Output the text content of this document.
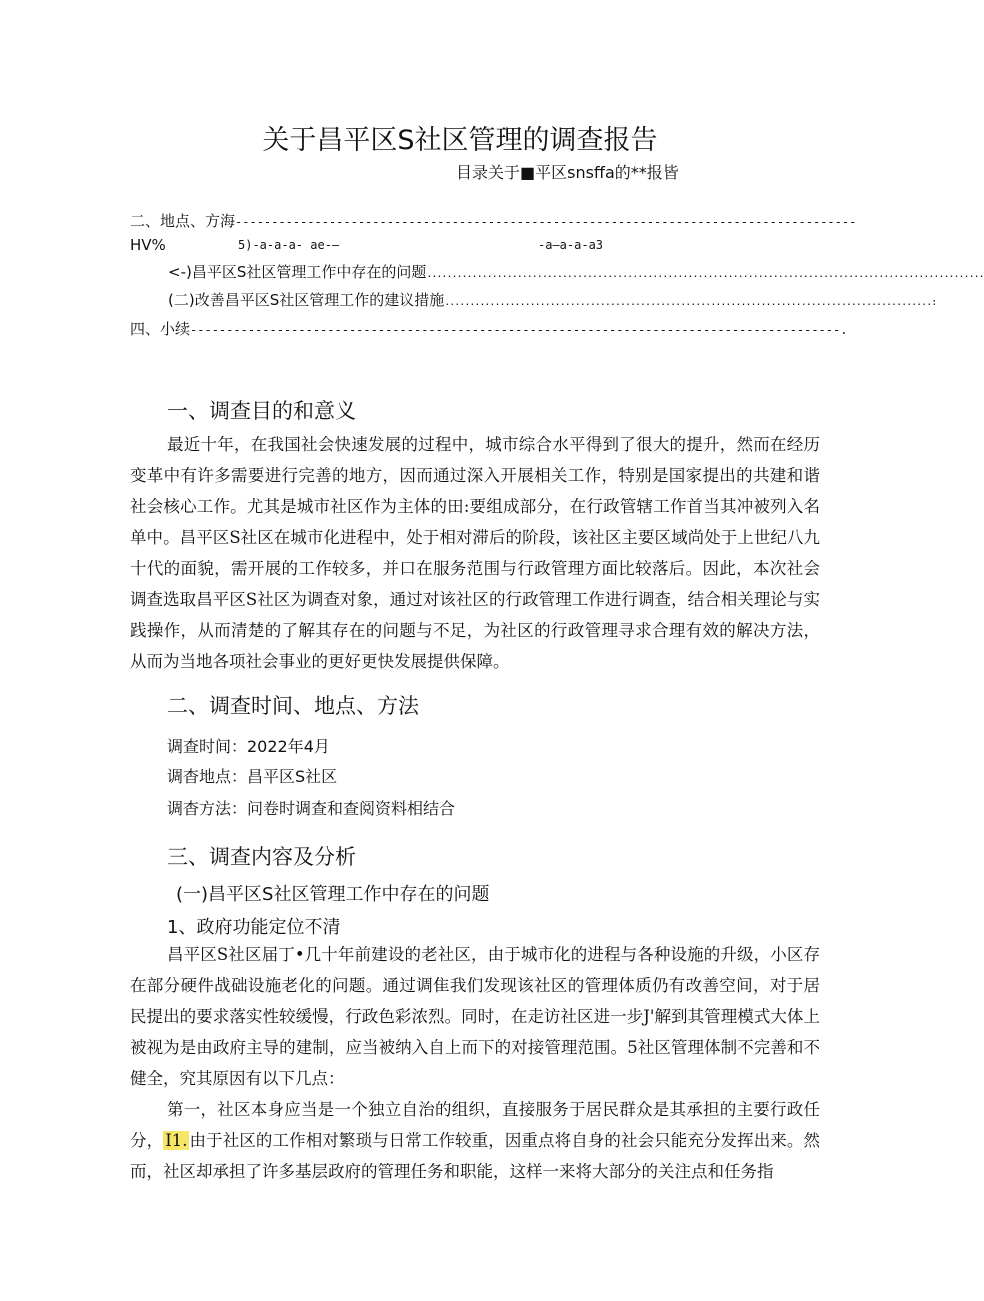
关于昌平区S社区管理的调查报告
目录关于■平区snsffa的**报皆
二、地点、方海--------------------------------------------------------------------------------------
HV%	5)-a-a-a- ae-—	-a—a-a-a3
<-)昌平区S社区管理工作中存在的问题...............................................................................................................
(二)改善昌平区S社区管理工作的建议措施.................................................................................................:
四、小续------------------------------------------------------------------------------------------.
一、调查目的和意义
最近十年，在我国社会快速发展的过程中，城市综合水平得到了很大的提升，然而在经历变革中有许多需要进行完善的地方，因而通过深入开展相关工作，特别是国家提出的共建和谐社会核心工作。尤其是城市社区作为主体的田:要组成部分，在行政管辖工作首当其冲被列入名单中。昌平区S社区在城市化进程中，处于相对滞后的阶段，该社区主要区域尚处于上世纪八九十代的面貌，需开展的工作较多，并口在服务范围与行政管理方面比较落后。因此，本次社会调查选取昌平区S社区为调查对象，通过对该社区的行政管理工作进行调查，结合相关理论与实践操作，从而清楚的了解其存在的问题与不足，为社区的行政管理寻求合理有效的解决方法，从而为当地各项社会事业的更好更快发展提供保障。
二、调查时间、地点、方法
调查时间：2022年4月
调杳地点：昌平区S社区
调杳方法：问卷时调查和查阅资料相结合
三、调查内容及分析
(一)昌平区S社区管理工作中存在的问题
1、政府功能定位不清
昌平区S社区届丁•几十年前建设的老社区，由于城市化的进程与各种设施的升级，小区存在部分硬件战础设施老化的问题。通过调隹我们发现该社区的管理体质仍有改善空间，对于居民提出的要求落实性较缓慢，行政色彩浓烈。同时，在走访社区进一步J'解到其管理模式大体上被视为是由政府主导的建制，应当被纳入自上而下的对接管理范围。5社区管理体制不完善和不健全，究其原因有以下几点：
第一，社区本身应当是一个独立自治的组织，直接服务于居民群众是其承担的主要行政任分， I1. 由于社区的工作相对繁琐与日常工作较重，因重点将自身的社会只能充分发挥出来。然而，社区却承担了许多基层政府的管理任务和职能，这样一来将大部分的关注点和任务指
